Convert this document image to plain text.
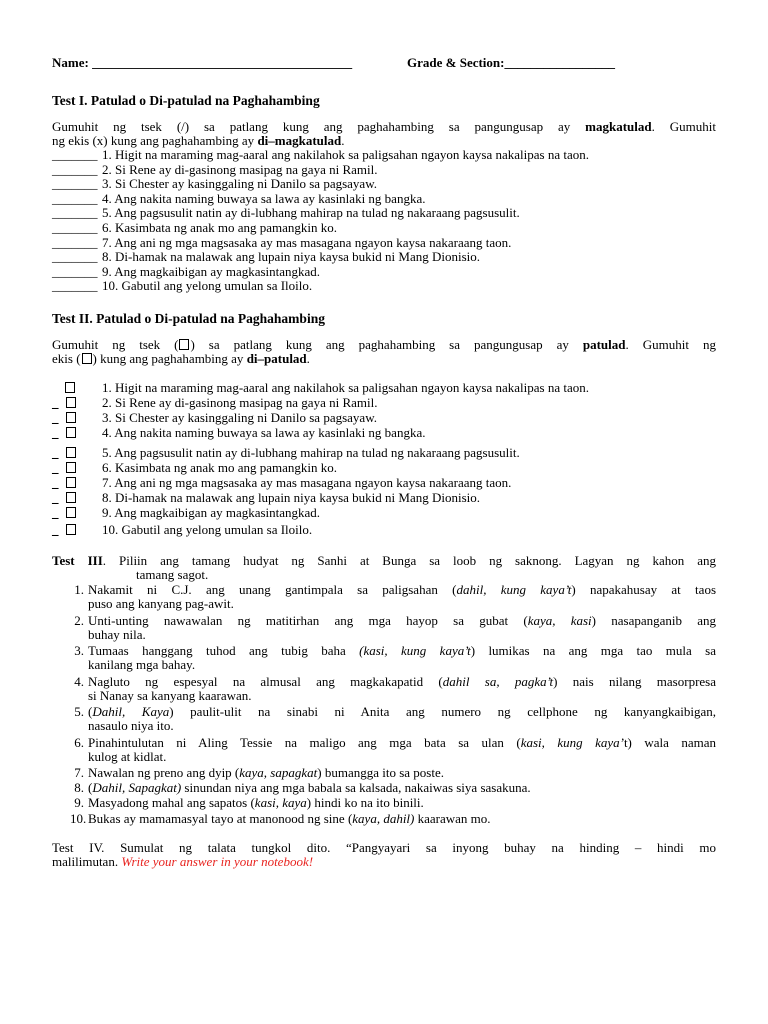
Name: ________________________________________	Grade & Section:_________________
Test I. Patulad o Di-patulad na Paghahambing
Gumuhit ng tsek (/) sa patlang kung ang paghahambing sa pangungusap ay magkatulad. Gumuhit
ng ekis (x) kung ang paghahambing ay di–magkatulad.
_______1. Higit na maraming mag-aaral ang nakilahok sa paligsahan ngayon kaysa nakalipas na taon.
_______2. Si Rene ay di-gasinong masipag na gaya ni Ramil.
_______3. Si Chester ay kasinggaling ni Danilo sa pagsayaw.
_______4. Ang nakita naming buwaya sa lawa ay kasinlaki ng bangka.
_______5. Ang pagsusulit natin ay di-lubhang mahirap na tulad ng nakaraang pagsusulit.
_______6. Kasimbata ng anak mo ang pamangkin ko.
_______7. Ang ani ng mga magsasaka ay mas masagana ngayon kaysa nakaraang taon.
_______8. Di-hamak na malawak ang lupain niya kaysa bukid ni Mang Dionisio.
_______9. Ang magkaibigan ay magkasintangkad.
_______ 10. Gabutil ang yelong umulan sa Iloilo.
Test II. Patulad o Di-patulad na Paghahambing
Gumuhit ng tsek ( ) sa patlang kung ang paghahambing sa pangungusap ay patulad. Gumuhit ng
ekis ( ) kung ang paghahambing ay di–patulad.
1. Higit na maraming mag-aaral ang nakilahok sa paligsahan ngayon kaysa nakalipas na taon.
_	2. Si Rene ay di-gasinong masipag na gaya ni Ramil.
_	3. Si Chester ay kasinggaling ni Danilo sa pagsayaw.
_	4. Ang nakita naming buwaya sa lawa ay kasinlaki ng bangka.
_	5. Ang pagsusulit natin ay di-lubhang mahirap na tulad ng nakaraang pagsusulit.
_	6. Kasimbata ng anak mo ang pamangkin ko.
_	7. Ang ani ng mga magsasaka ay mas masagana ngayon kaysa nakaraang taon.
_	8. Di-hamak na malawak ang lupain niya kaysa bukid ni Mang Dionisio.
_	9. Ang magkaibigan ay magkasintangkad.
_	10. Gabutil ang yelong umulan sa Iloilo.
Test III. Piliin ang tamang hudyat ng Sanhi at Bunga sa loob ng saknong. Lagyan ng kahon ang
tamang sagot.
1. Nakamit ni C.J. ang unang gantimpala sa paligsahan (dahil, kung kaya’t) napakahusay at taos
puso ang kanyang pag-awit.
2. Unti-unting nawawalan ng matitirhan ang mga hayop sa gubat (kaya, kasi) nasapanganib ang
buhay nila.
3. Tumaas hanggang tuhod ang tubig baha (kasi, kung kaya’t) lumikas na ang mga tao mula sa
kanilang mga bahay.
4. Nagluto ng espesyal na almusal ang magkakapatid (dahil sa, pagka’t) nais nilang masorpresa
si Nanay sa kanyang kaarawan.
5. (Dahil, Kaya) paulit-ulit na sinabi ni Anita ang numero ng cellphone ng kanyangkaibigan,
nasaulo niya ito.
6. Pinahintulutan ni Aling Tessie na maligo ang mga bata sa ulan (kasi, kung kaya’t) wala naman
kulog at kidlat.
7. Nawalan ng preno ang dyip (kaya, sapagkat) bumangga ito sa poste.
8. (Dahil, Sapagkat) sinundan niya ang mga babala sa kalsada, nakaiwas siya sasakuna.
9. Masyadong mahal ang sapatos (kasi, kaya) hindi ko na ito binili.
10. Bukas ay mamamasyal tayo at manonood ng sine (kaya, dahil) kaarawan mo.
Test IV. Sumulat ng talata tungkol dito. “Pangyayari sa inyong buhay na hinding – hindi mo
malilimutan. Write your answer in your notebook!
